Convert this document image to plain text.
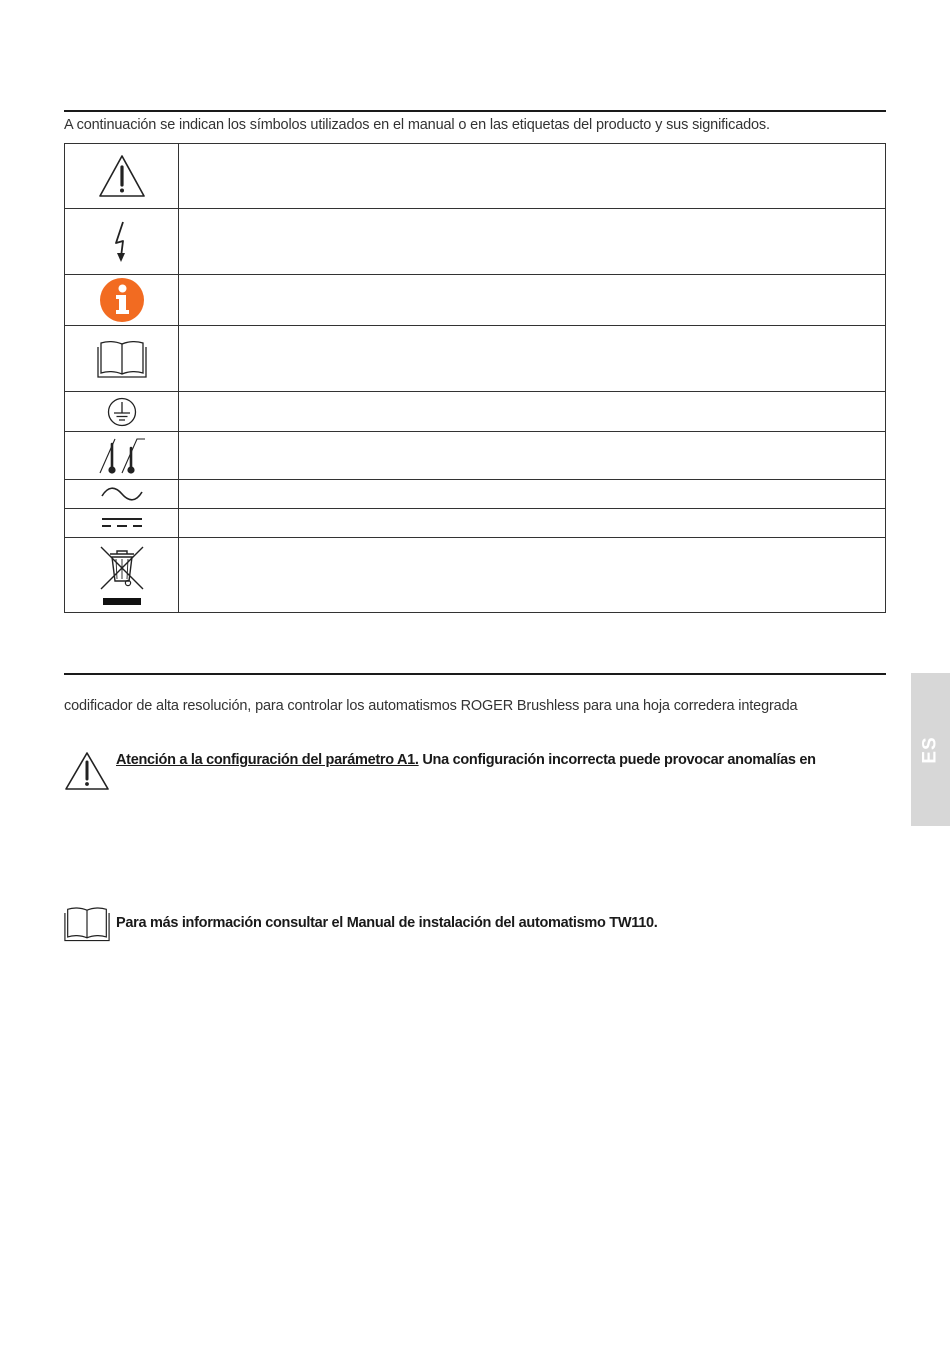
A continuación se indican los símbolos utilizados en el manual o en las etiquetas del producto y sus significados.

codificador de alta resolución, para controlar los automatismos ROGER Brushless para una hoja corredera integrada
Atención a la configuración del parámetro A1. Una configuración incorrecta puede provocar anomalías en
Para más información consultar el Manual de instalación del automatismo TW110.
ES
